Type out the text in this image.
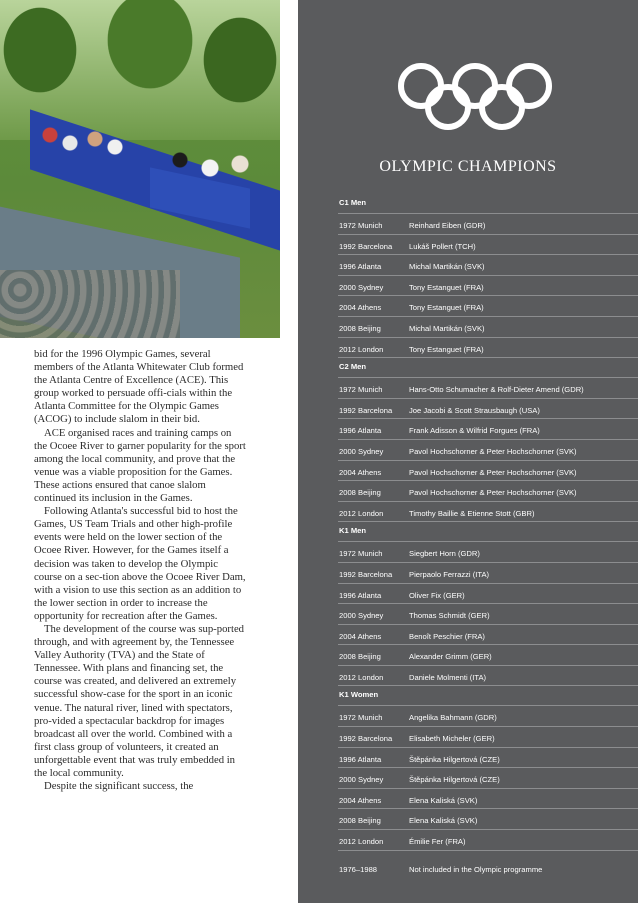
bid for the 1996 Olympic Games, several members of the Atlanta Whitewater Club formed the Atlanta Centre of Excellence (ACE). This group worked to persuade offi-cials within the Atlanta Committee for the Olympic Games (ACOG) to include slalom in their bid.

ACE organised races and training camps on the Ocoee River to garner popularity for the sport among the local community, and prove that the venue was a viable proposition for the Games. These actions ensured that canoe slalom continued its inclusion in the Games.

Following Atlanta's successful bid to host the Games, US Team Trials and other high-profile events were held on the lower section of the Ocoee River. However, for the Games itself a decision was taken to develop the Olympic course on a sec-tion above the Ocoee River Dam, with a vision to use this section as an addition to the lower section in order to increase the opportunity for recreation after the Games.

The development of the course was sup-ported through, and with agreement by, the Tennessee Valley Authority (TVA) and the State of Tennessee. With plans and financing set, the course was created, and delivered an extremely successful show-case for the sport in an iconic venue. The natural river, lined with spectators, pro-vided a spectacular backdrop for images broadcast all over the world. Combined with a first class group of volunteers, it created an unforgettable event that was truly embedded in the local community.

Despite the significant success, the

OLYMPIC CHAMPIONS
C1 Men
1972 Munich	Reinhard Eiben (GDR)
1992 Barcelona Lukáš Pollert (TCH)
1996 Atlanta	Michal Martikán (SVK)
2000 Sydney	Tony Estanguet (FRA)
2004 Athens	Tony Estanguet (FRA)
2008 Beijing	Michal Martikán (SVK)
2012 London	Tony Estanguet (FRA)
C2 Men
1972 Munich	Hans-Otto Schumacher & Rolf-Dieter Amend (GDR)
1992 Barcelona Joe Jacobi & Scott Strausbaugh (USA)
1996 Atlanta	Frank Adisson & Wilfrid Forgues (FRA)
2000 Sydney	Pavol Hochschorner & Peter Hochschorner (SVK)
2004 Athens	Pavol Hochschorner & Peter Hochschorner (SVK)
2008 Beijing	Pavol Hochschorner & Peter Hochschorner (SVK)
2012 London	Timothy Baillie & Etienne Stott (GBR)
K1 Men
1972 Munich	Siegbert Horn (GDR)
1992 Barcelona Pierpaolo Ferrazzi (ITA)
1996 Atlanta	Oliver Fix (GER)
2000 Sydney	Thomas Schmidt (GER)
2004 Athens	Benoît Peschier (FRA)
2008 Beijing	Alexander Grimm (GER)
2012 London	Daniele Molmenti (ITA)
K1 Women
1972 Munich	Angelika Bahmann (GDR)
1992 Barcelona Elisabeth Micheler (GER)
1996 Atlanta	Štěpánka Hilgertová (CZE)
2000 Sydney	Štěpánka Hilgertová (CZE)
2004 Athens	Elena Kaliská (SVK)
2008 Beijing	Elena Kaliská (SVK)
2012 London	Émilie Fer (FRA)
1976–1988	Not included in the Olympic programme
